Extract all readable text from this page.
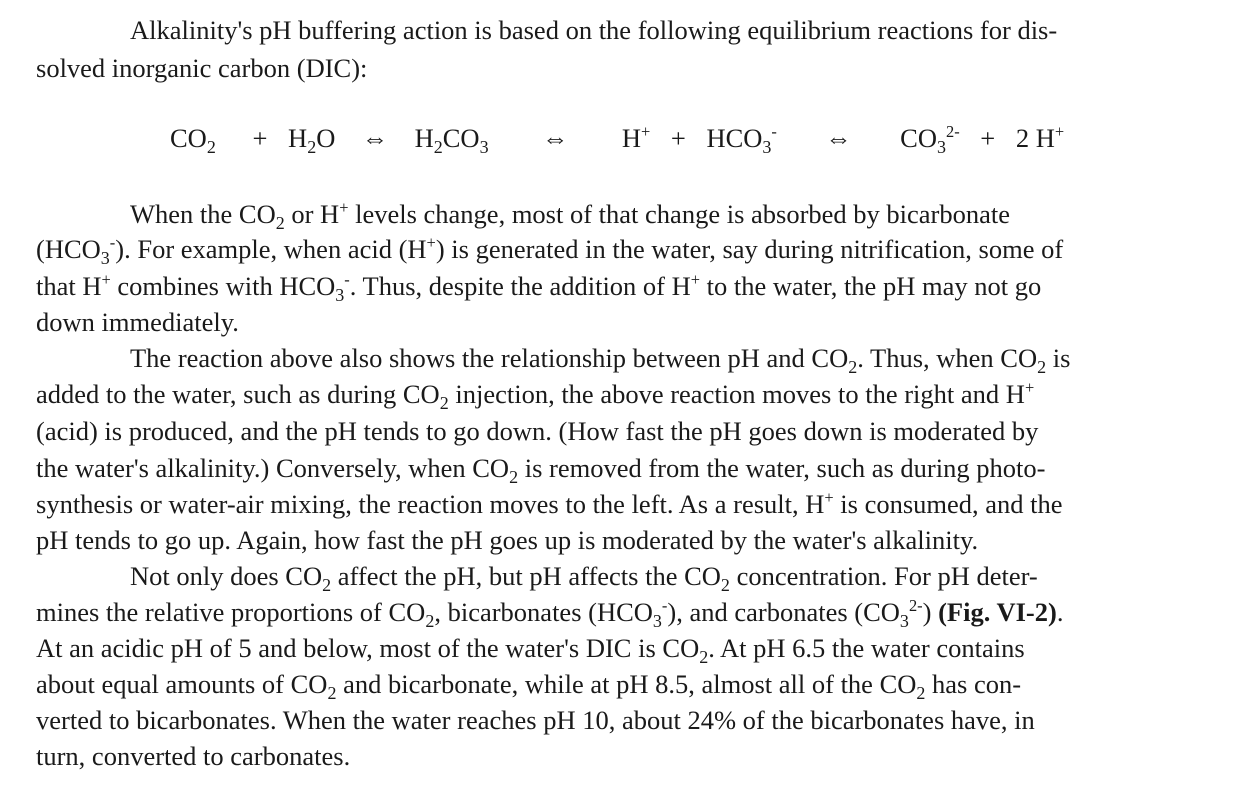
Alkalinity's pH buffering action is based on the following equilibrium reactions for dis-
solved inorganic carbon (DIC):
$CO_2 + H_2O$ ⇔ $H_2CO_3$ ⇔ $H^+ + HCO_3^-$ ⇔ $CO_3^{2-} + 2$ H+
When the $CO_2$ or H+ levels change, most of that change is absorbed by bicarbonate
$(HCO_3^-)$. For example, when acid (H+) is generated in the water, say during nitrification, some of
that H+ combines with $HCO_3^-$. Thus, despite the addition of H+ to the water, the pH may not go
down immediately.
The reaction above also shows the relationship between pH and $CO_2$. Thus, when $CO_2$ is
added to the water, such as during $CO_2$ injection, the above reaction moves to the right and H+
(acid) is produced, and the pH tends to go down. (How fast the pH goes down is moderated by
the water's alkalinity.) Conversely, when $CO_2$ is removed from the water, such as during photo-
synthesis or water-air mixing, the reaction moves to the left. As a result, H+ is consumed, and the
pH tends to go up. Again, how fast the pH goes up is moderated by the water's alkalinity.
Not only does $CO_2$ affect the pH, but pH affects the $CO_2$ concentration. For pH deter-
mines the relative proportions of $CO_2$, bicarbonates $(HCO_3^-)$, and carbonates $(CO_3^{2-})$ (Fig. VI-2).
At an acidic pH of 5 and below, most of the water's DIC is $CO_2$. At pH 6.5 the water contains
about equal amounts of $CO_2$ and bicarbonate, while at pH 8.5, almost all of the $CO_2$ has con-
verted to bicarbonates. When the water reaches pH 10, about 24% of the bicarbonates have, in
turn, converted to carbonates.
